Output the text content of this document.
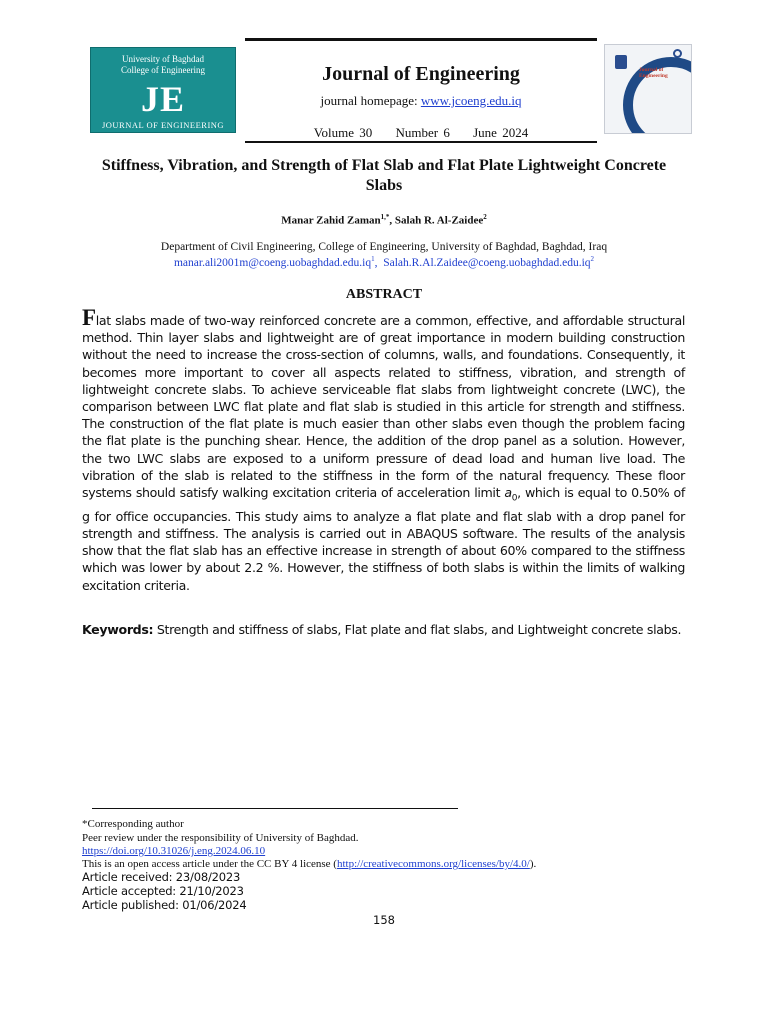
University of Baghdad
College of Engineering
JE
JOURNAL OF ENGINEERING
Journal of Engineering
journal homepage: www.jcoeng.edu.iq
Volume 30 Number 6 June 2024
Journal of Engineering
Stiffness, Vibration, and Strength of Flat Slab and Flat Plate Lightweight Concrete Slabs
Manar Zahid Zaman$^{1,*}$, Salah R. Al-Zaidee$^2$
Department of Civil Engineering, College of Engineering, University of Baghdad, Baghdad, Iraq
$manar.ali2001m@coeng.uobaghdad.edu.iq^1$,  $Salah.R.Al.Zaidee@coeng.uobaghdad.edu.iq^2$
ABSTRACT
Flat slabs made of two-way reinforced concrete are a common, effective, and affordable structural method. Thin layer slabs and lightweight are of great importance in modern building construction without the need to increase the cross-section of columns, walls, and foundations. Consequently, it becomes more important to cover all aspects related to stiffness, vibration, and strength of lightweight concrete slabs. To achieve serviceable flat slabs from lightweight concrete (LWC), the comparison between LWC flat plate and flat slab is studied in this article for strength and stiffness. The construction of the flat plate is much easier than other slabs even though the problem facing the flat plate is the punching shear. Hence, the addition of the drop panel as a solution. However, the two LWC slabs are exposed to a uniform pressure of dead load and human live load. The vibration of the slab is related to the stiffness in the form of the natural frequency. These floor systems should satisfy walking excitation criteria of acceleration limit $a_0$, which is equal to 0.50% of g for office occupancies. This study aims to analyze a flat plate and flat slab with a drop panel for strength and stiffness. The analysis is carried out in ABAQUS software. The results of the analysis show that the flat slab has an effective increase in strength of about 60% compared to the stiffness which was lower by about 2.2 %. However, the stiffness of both slabs is within the limits of walking excitation criteria.
Keywords: Strength and stiffness of slabs, Flat plate and flat slabs, and Lightweight concrete slabs.
*Corresponding author
Peer review under the responsibility of University of Baghdad.
https://doi.org/10.31026/j.eng.2024.06.10
This is an open access article under the CC BY 4 license (http://creativecommons.org/licenses/by/4.0/).
Article received: 23/08/2023
Article accepted: 21/10/2023
Article published: 01/06/2024
158
